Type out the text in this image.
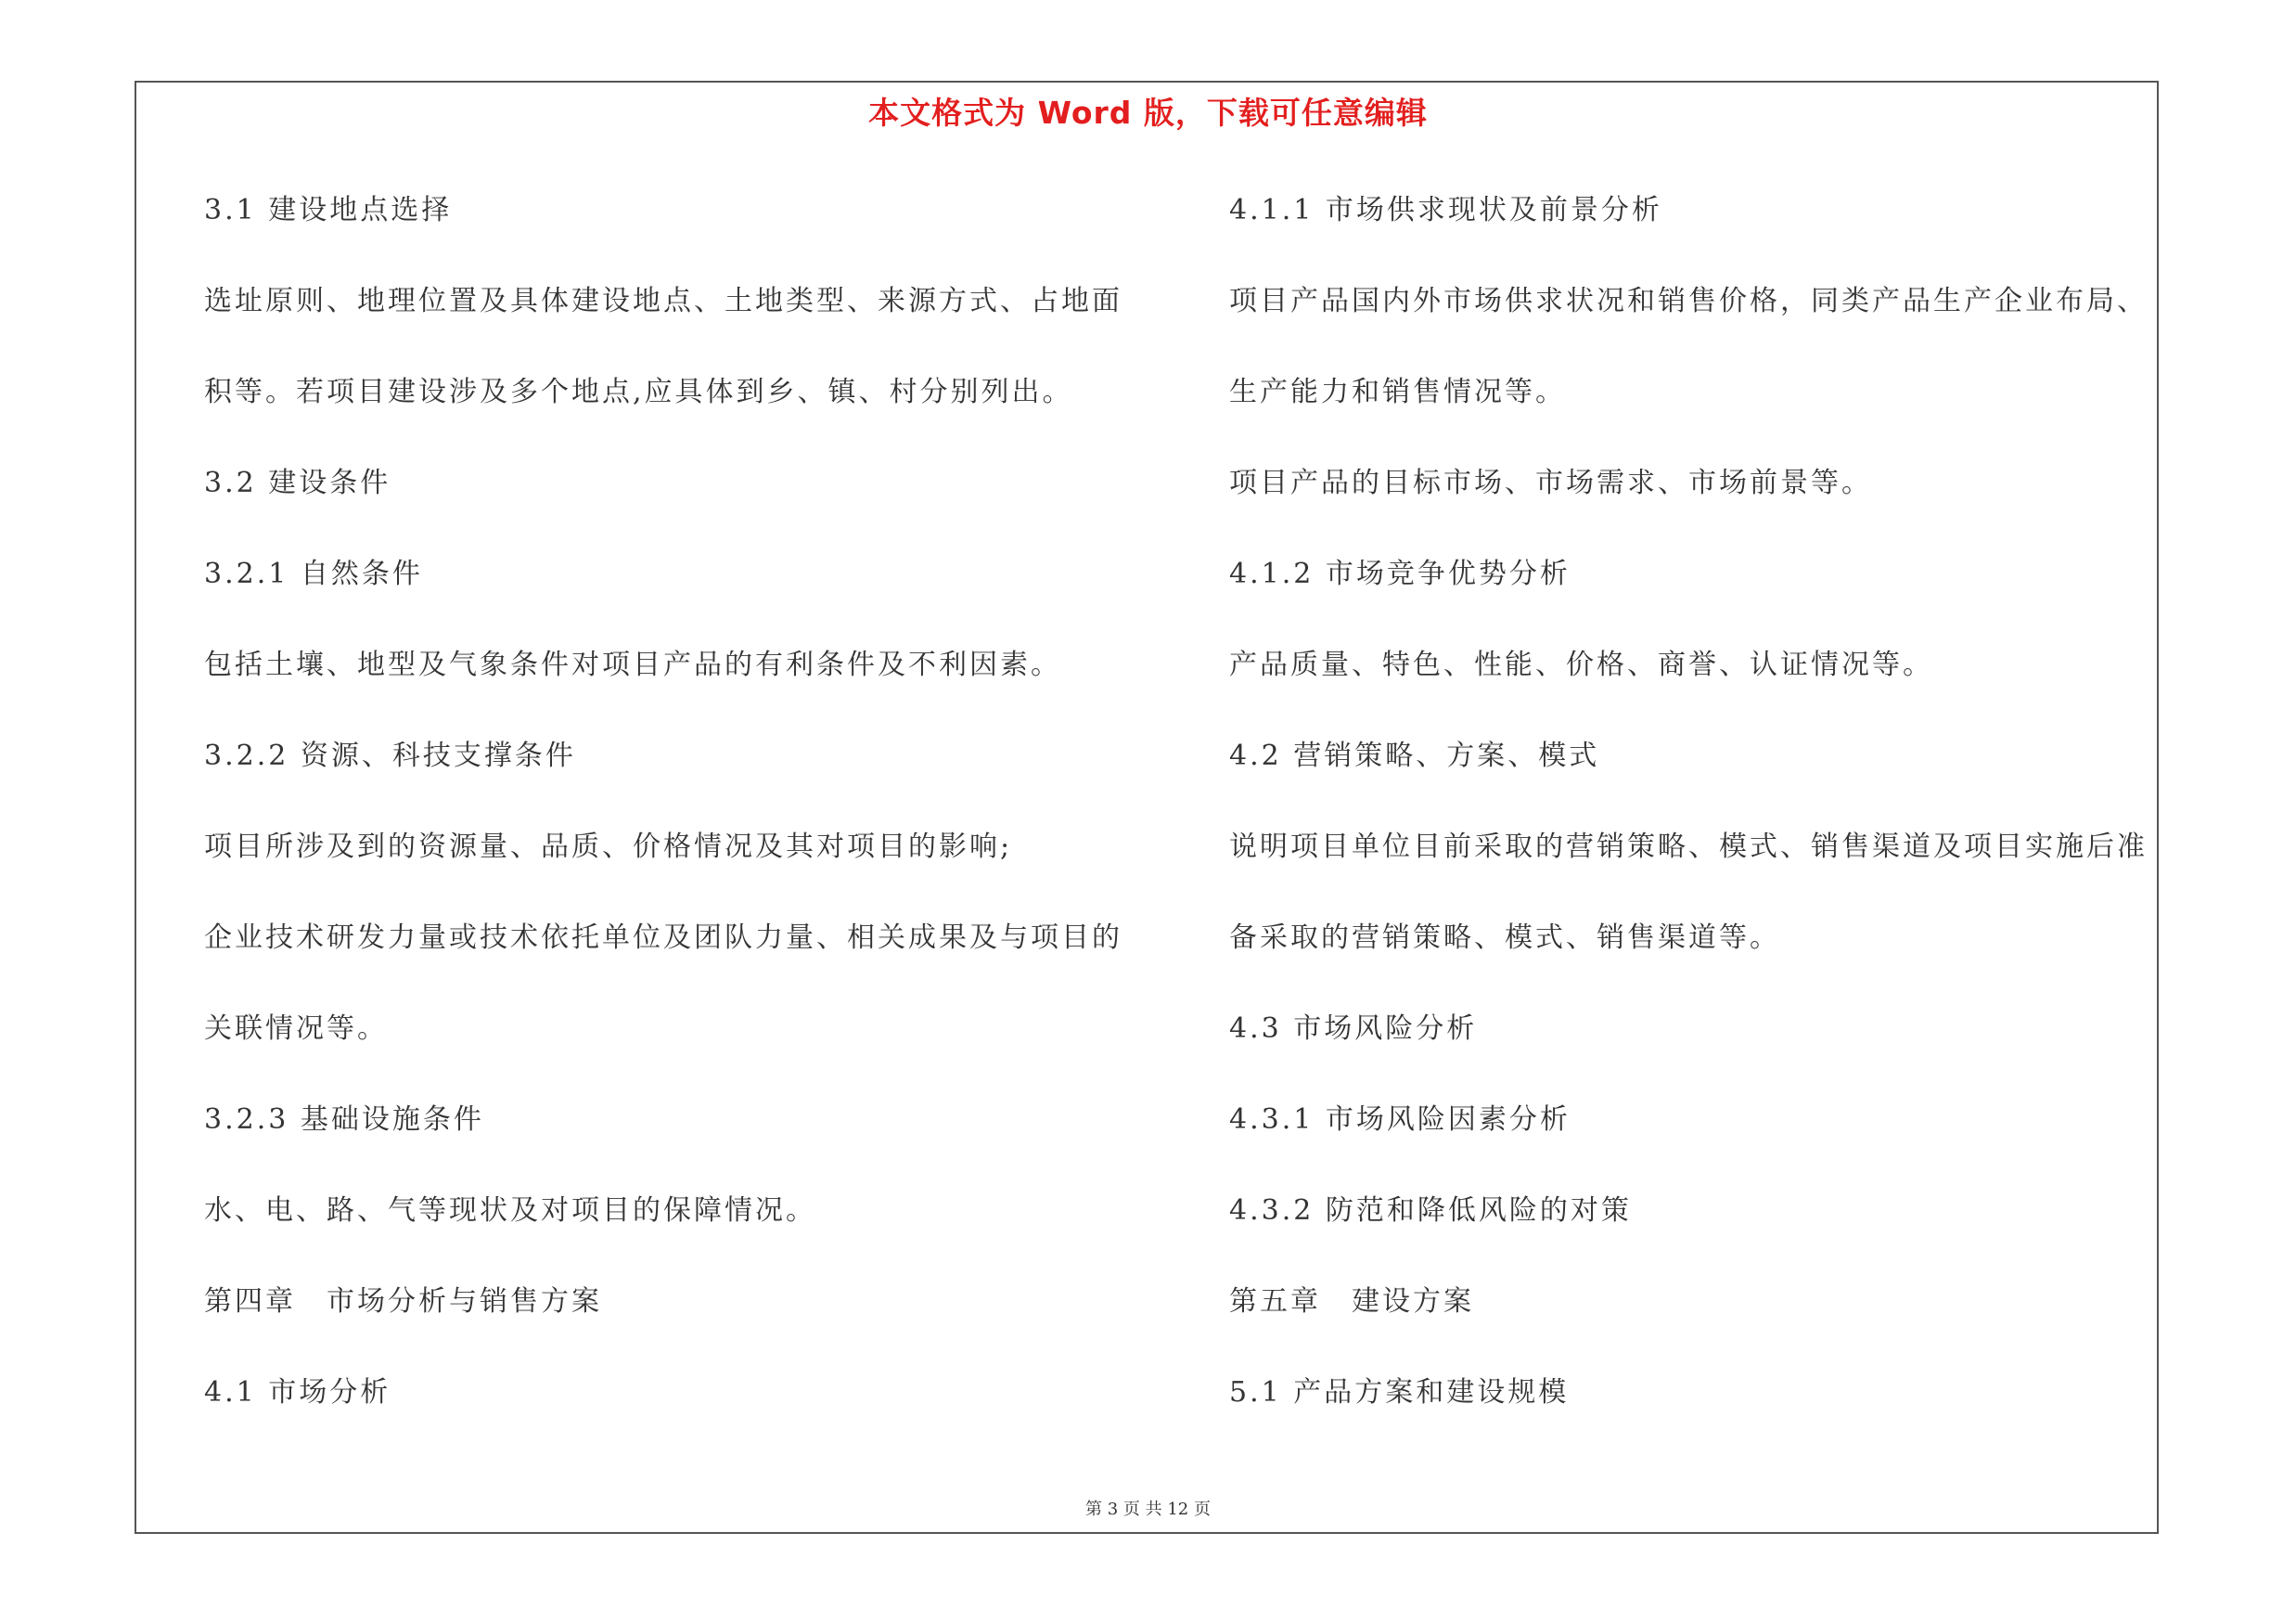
本文格式为 Word 版，下载可任意编辑
3.1 建设地点选择
选址原则、地理位置及具体建设地点、土地类型、来源方式、占地面
积等。若项目建设涉及多个地点,应具体到乡、镇、村分别列出。
3.2 建设条件
3.2.1 自然条件
包括土壤、地型及气象条件对项目产品的有利条件及不利因素。
3.2.2 资源、科技支撑条件
项目所涉及到的资源量、品质、价格情况及其对项目的影响;
企业技术研发力量或技术依托单位及团队力量、相关成果及与项目的
关联情况等。
3.2.3 基础设施条件
水、电、路、气等现状及对项目的保障情况。
第四章　市场分析与销售方案
4.1 市场分析
4.1.1 市场供求现状及前景分析
项目产品国内外市场供求状况和销售价格，同类产品生产企业布局、
生产能力和销售情况等。
项目产品的目标市场、市场需求、市场前景等。
4.1.2 市场竞争优势分析
产品质量、特色、性能、价格、商誉、认证情况等。
4.2 营销策略、方案、模式
说明项目单位目前采取的营销策略、模式、销售渠道及项目实施后准
备采取的营销策略、模式、销售渠道等。
4.3 市场风险分析
4.3.1 市场风险因素分析
4.3.2 防范和降低风险的对策
第五章　建设方案
5.1 产品方案和建设规模
第 3 页 共 12 页
